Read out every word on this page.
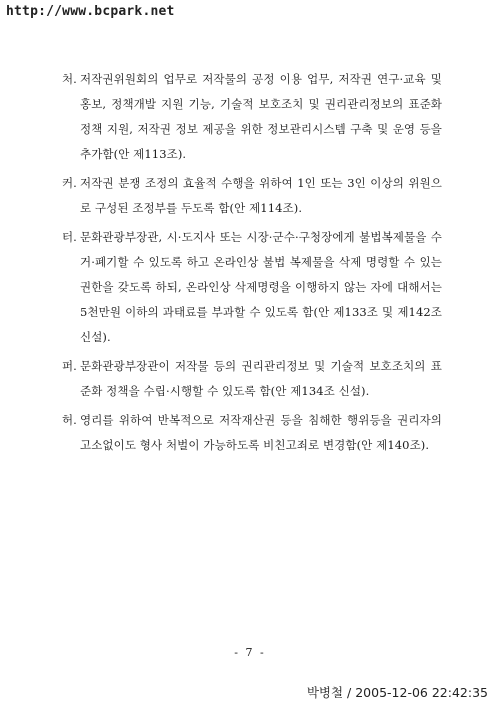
http://www.bcpark.net
처. 저작권위원회의 업무로 저작물의 공정 이용 업무, 저작권 연구·교육 및 홍보, 정책개발 지원 기능, 기술적 보호조치 및 권리관리정보의 표준화 정책 지원, 저작권 정보 제공을 위한 정보관리시스템 구축 및 운영 등을 추가함(안 제113조).
커. 저작권 분쟁 조정의 효율적 수행을 위하여 1인 또는 3인 이상의 위원으로 구성된 조정부를 두도록 함(안 제114조).
터. 문화관광부장관, 시·도지사 또는 시장·군수·구청장에게 불법복제물을 수거·폐기할 수 있도록 하고 온라인상 불법 복제물을 삭제 명령할 수 있는 권한을 갖도록 하되, 온라인상 삭제명령을 이행하지 않는 자에 대해서는 5천만원 이하의 과태료를 부과할 수 있도록 함(안 제133조 및 제142조 신설).
퍼. 문화관광부장관이 저작물 등의 권리관리정보 및 기술적 보호조치의 표준화 정책을 수립·시행할 수 있도록 함(안 제134조 신설).
허. 영리를 위하여 반복적으로 저작재산권 등을 침해한 행위등을 권리자의 고소없이도 형사 처벌이 가능하도록 비친고죄로 변경함(안 제140조).
- 7 -
박병철 / 2005-12-06 22:42:35
